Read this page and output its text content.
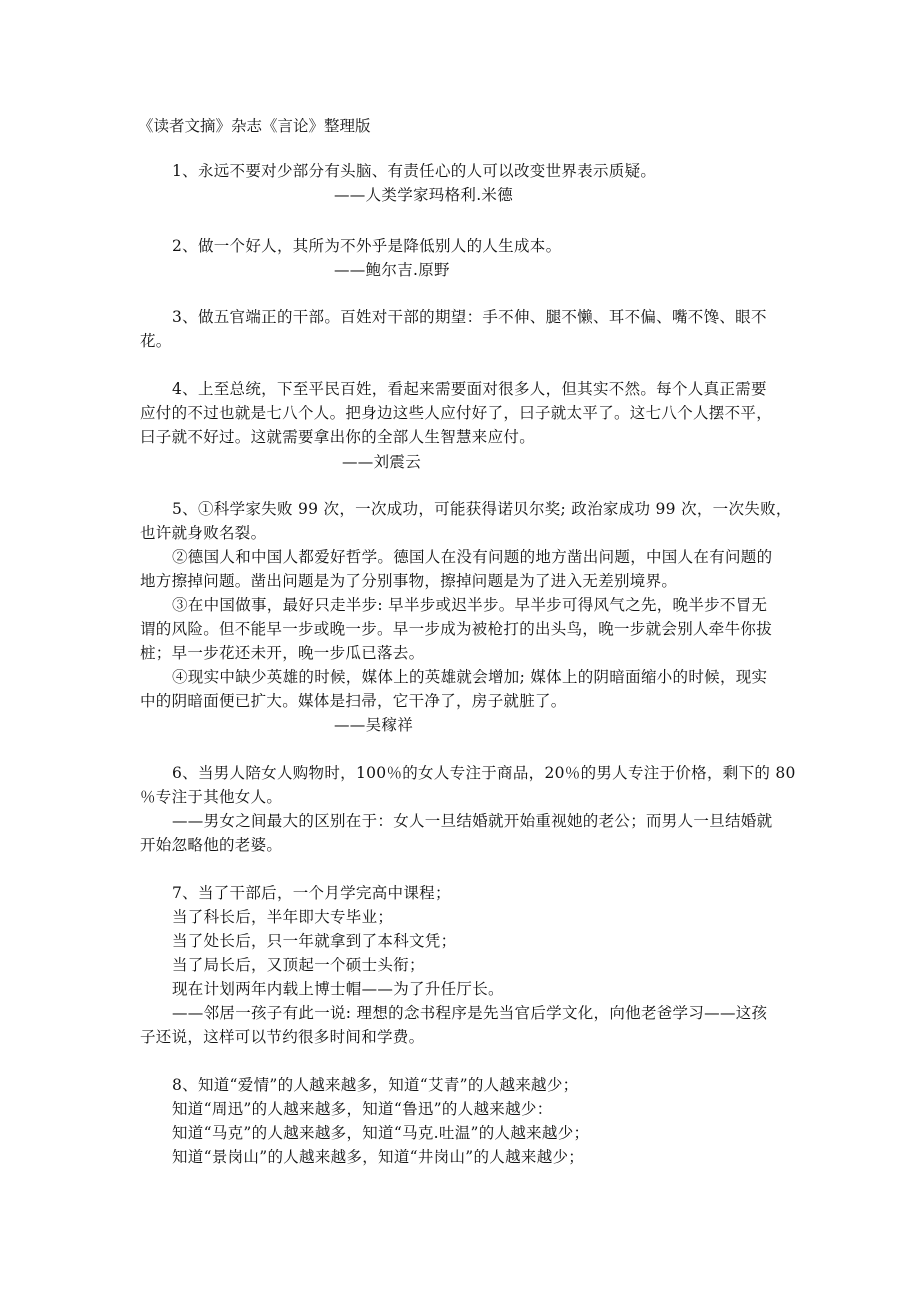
《读者文摘》杂志《言论》整理版
1、永远不要对少部分有头脑、有责任心的人可以改变世界表示质疑。
——人类学家玛格利.米德
2、做一个好人，其所为不外乎是降低别人的人生成本。
——鲍尔吉.原野
3、做五官端正的干部。百姓对干部的期望：手不伸、腿不懒、耳不偏、嘴不馋、眼不
花。
4、上至总统，下至平民百姓，看起来需要面对很多人，但其实不然。每个人真正需要
应付的不过也就是七八个人。把身边这些人应付好了，曰子就太平了。这七八个人摆不平，
曰子就不好过。这就需要拿出你的全部人生智慧来应付。
——刘震云
5、①科学家失败 99 次，一次成功，可能获得诺贝尔奖; 政治家成功 99 次，一次失败，
也许就身败名裂。
②德国人和中国人都爱好哲学。德国人在没有问题的地方凿出问题，中国人在有问题的
地方擦掉问题。凿出问题是为了分别事物，擦掉问题是为了进入无差别境界。
③在中国做事，最好只走半步: 早半步或迟半步。早半步可得风气之先，晚半步不冒无
谓的风险。但不能早一步或晚一步。早一步成为被枪打的出头鸟，晚一步就会别人牵牛你拔
桩；早一步花还未开，晚一步瓜已落去。
④现实中缺少英雄的时候，媒体上的英雄就会增加; 媒体上的阴暗面缩小的时候，现实
中的阴暗面便已扩大。媒体是扫帚，它干净了，房子就脏了。
——吴稼祥
6、当男人陪女人购物时，100％的女人专注于商品，20％的男人专注于价格，剩下的 80
％专注于其他女人。
——男女之间最大的区别在于：女人一旦结婚就开始重视她的老公；而男人一旦结婚就
开始忽略他的老婆。
7、当了干部后，一个月学完高中课程；
当了科长后，半年即大专毕业；
当了处长后，只一年就拿到了本科文凭；
当了局长后，又顶起一个硕士头衔；
现在计划两年内载上博士帽——为了升任厅长。
——邻居一孩子有此一说: 理想的念书程序是先当官后学文化，向他老爸学习——这孩
子还说，这样可以节约很多时间和学费。
8、知道“爱情”的人越来越多，知道“艾青”的人越来越少；
知道“周迅”的人越来越多，知道“鲁迅”的人越来越少：
知道“马克”的人越来越多，知道“马克.吐温”的人越来越少；
知道“景岗山”的人越来越多，知道“井岗山”的人越来越少；
